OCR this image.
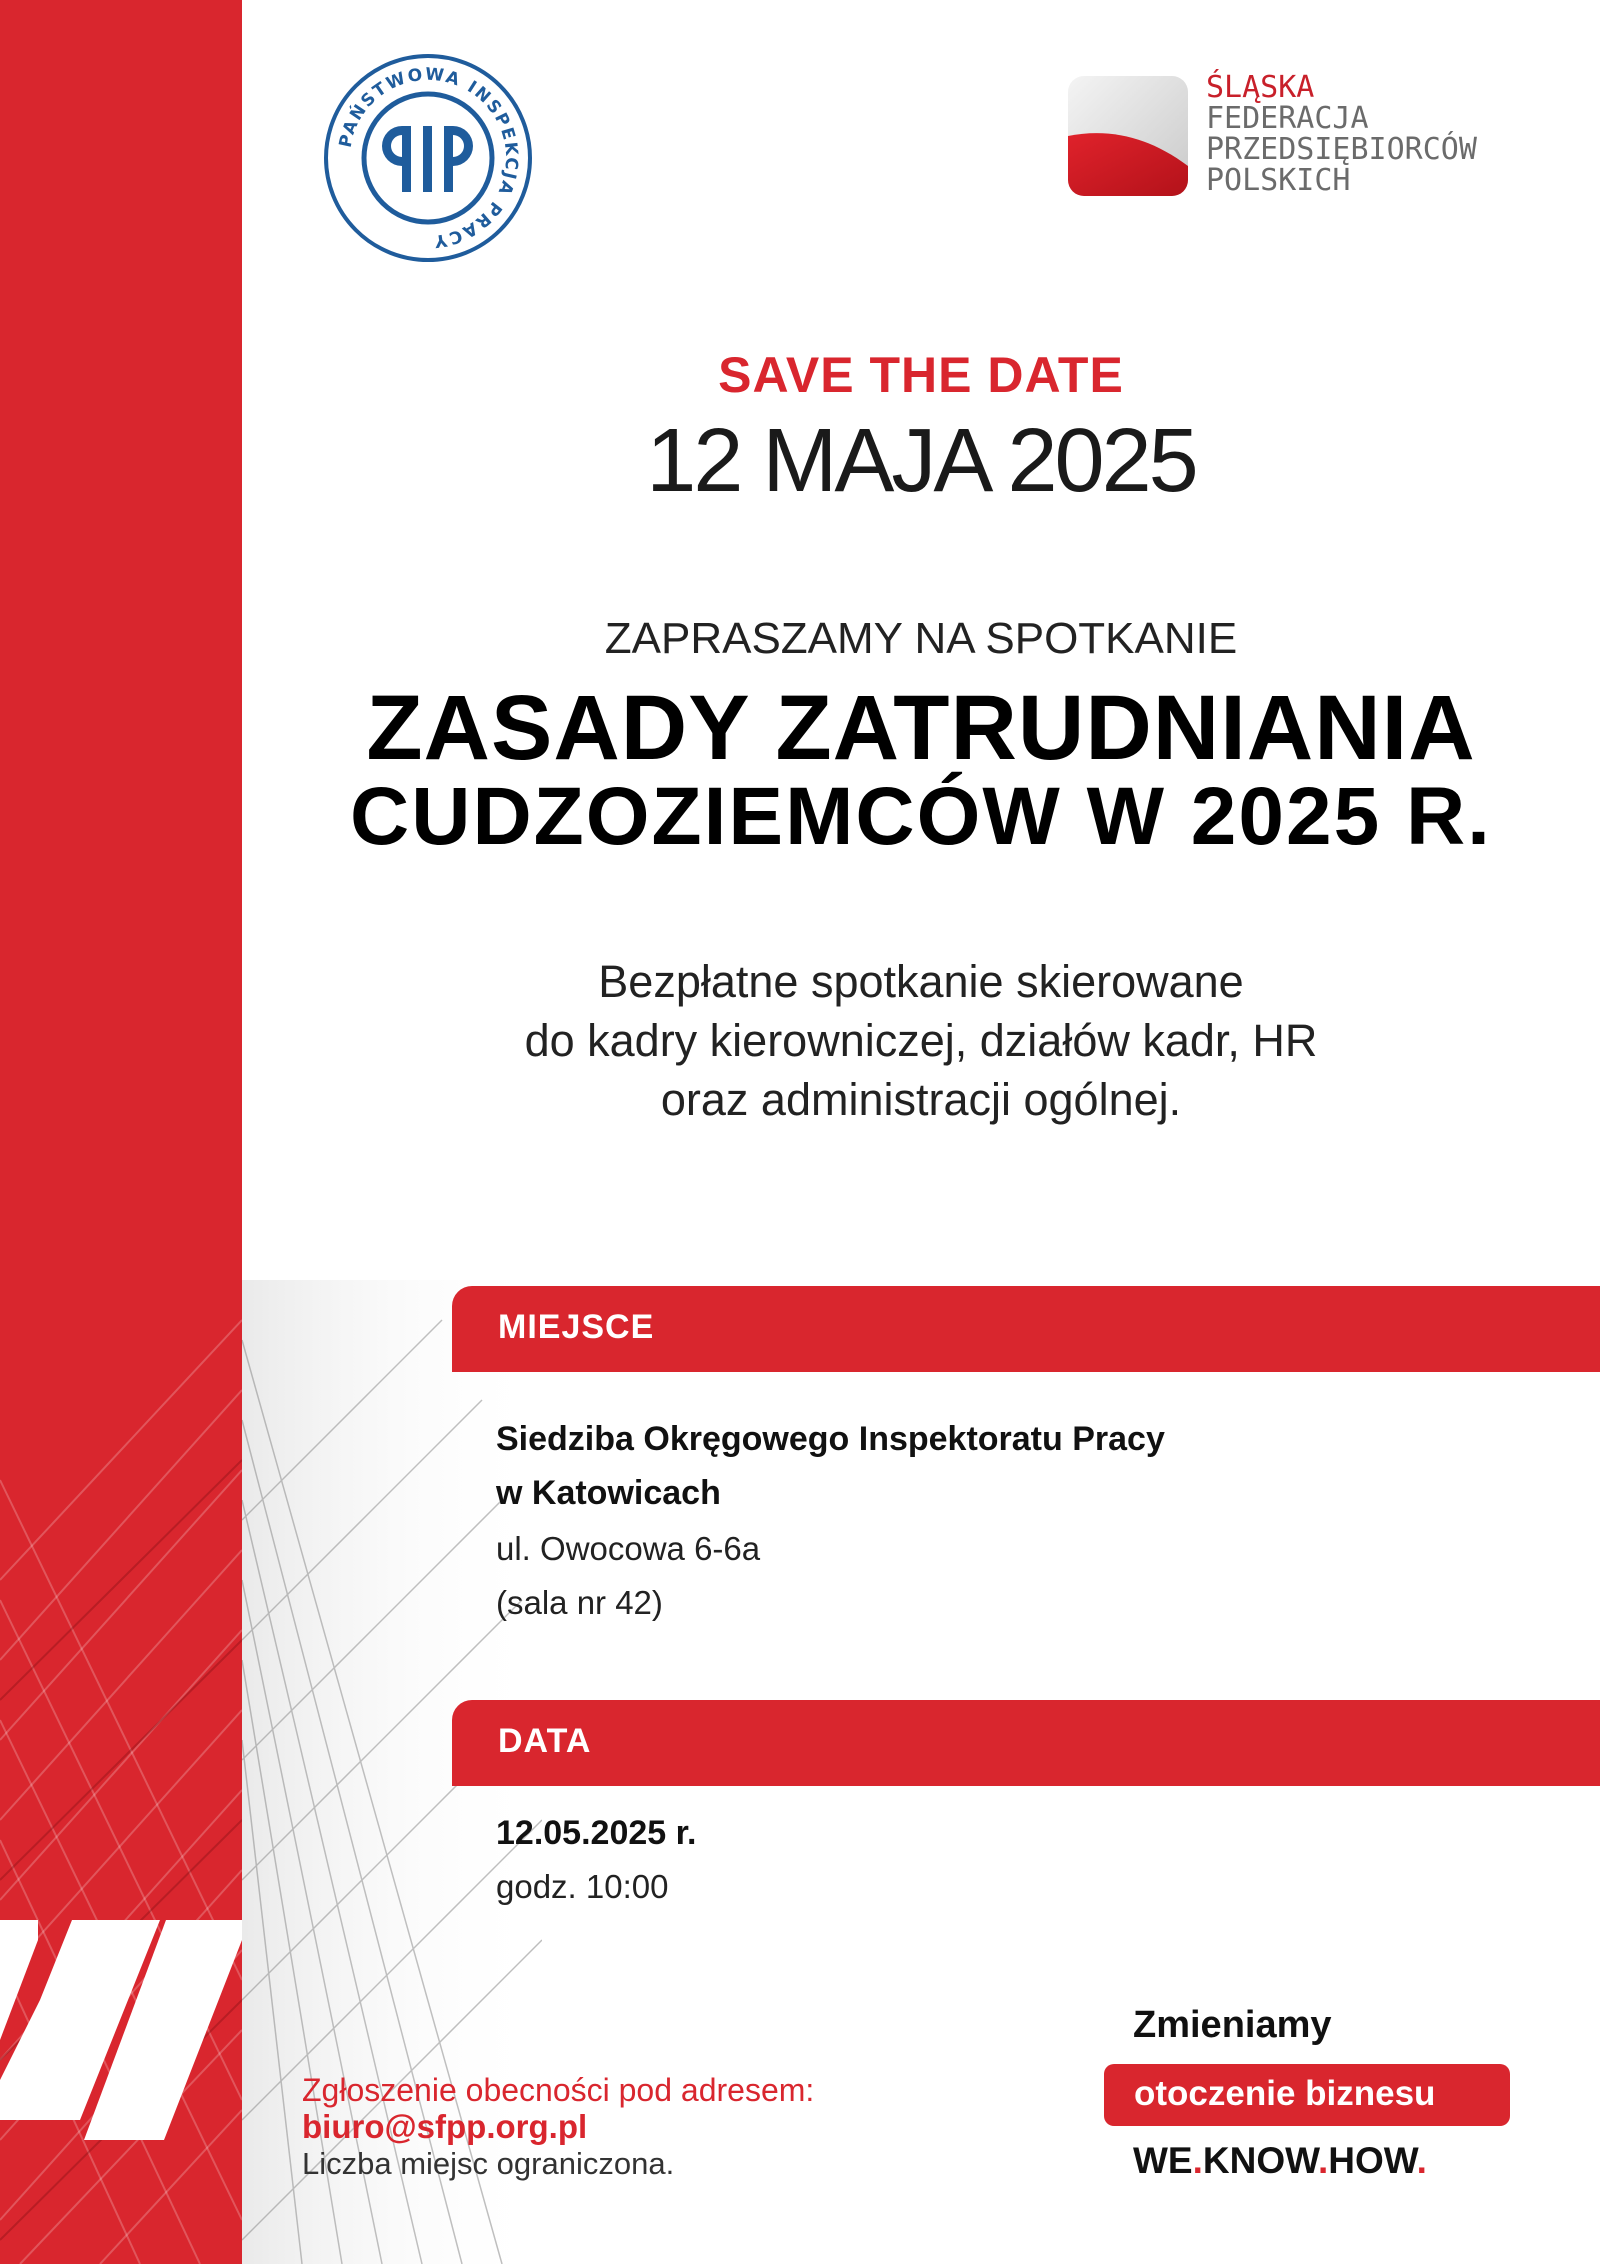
PAŃSTWOWA INSPEKCJA PRACY
ŚLĄSKA
FEDERACJA
PRZEDSIĘBIORCÓW
POLSKICH
SAVE THE DATE
12 MAJA 2025
ZAPRASZAMY NA SPOTKANIE
ZASADY ZATRUDNIANIA
CUDZOZIEMCÓW W 2025 R.
Bezpłatne spotkanie skierowane
do kadry kierowniczej, działów kadr, HR
oraz administracji ogólnej.
MIEJSCE
Siedziba Okręgowego Inspektoratu Pracy
w Katowicach
ul. Owocowa 6-6a
(sala nr 42)
DATA
12.05.2025 r.
godz. 10:00
Zgłoszenie obecności pod adresem:
biuro@sfpp.org.pl
Liczba miejsc ograniczona.
Zmieniamy
otoczenie biznesu
WE.KNOW.HOW.
